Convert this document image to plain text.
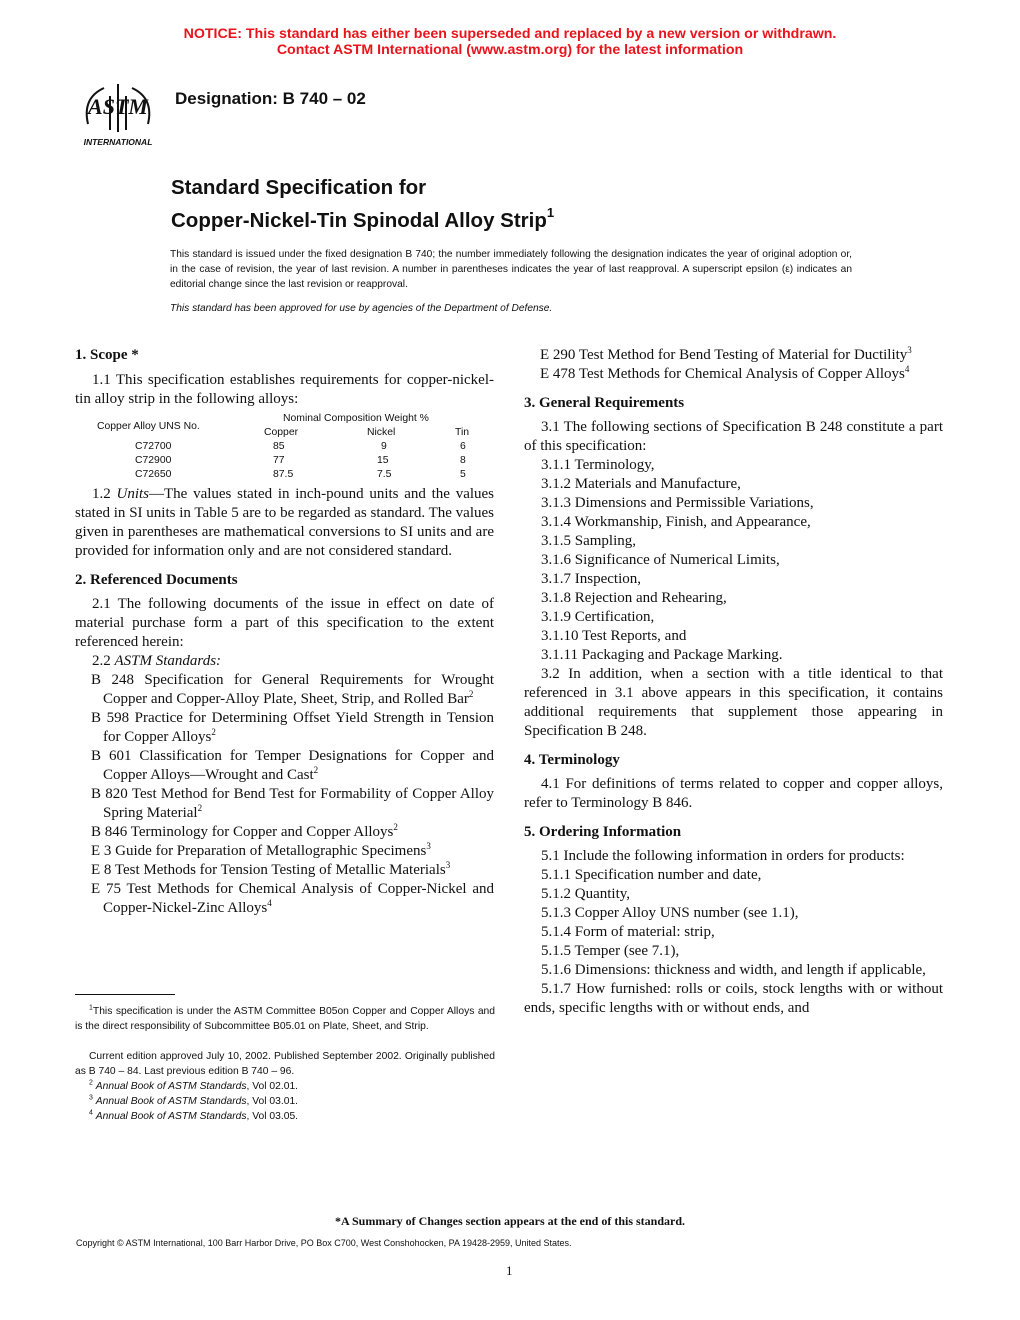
NOTICE: This standard has either been superseded and replaced by a new version or withdrawn.
Contact ASTM International (www.astm.org) for the latest information
ASTM
INTERNATIONAL
Designation: B 740 – 02
Standard Specification for
Copper-Nickel-Tin Spinodal Alloy Strip$^1$
This standard is issued under the fixed designation B 740; the number immediately following the designation indicates the year of original adoption or, in the case of revision, the year of last revision. A number in parentheses indicates the year of last reapproval. A superscript epsilon (ε) indicates an editorial change since the last revision or reapproval.
This standard has been approved for use by agencies of the Department of Defense.
1. Scope *

1.1 This specification establishes requirements for copper-nickel-tin alloy strip in the following alloys:

Copper Alloy UNS No.
Nominal Composition Weight %
Copper	Nickel	Tin
C72700	85	9	6
C72900	77	15	8
C72650	87.5	7.5	5

1.2 Units—The values stated in inch-pound units and the values stated in SI units in Table 5 are to be regarded as standard. The values given in parentheses are mathematical conversions to SI units and are provided for information only and are not considered standard.

2. Referenced Documents

2.1 The following documents of the issue in effect on date of material purchase form a part of this specification to the extent referenced herein:

2.2 ASTM Standards:

B 248 Specification for General Requirements for Wrought Copper and Copper-Alloy Plate, Sheet, Strip, and Rolled Bar$^2$

B 598 Practice for Determining Offset Yield Strength in Tension for Copper Alloys$^2$

B 601 Classification for Temper Designations for Copper and Copper Alloys—Wrought and Cast$^2$

B 820 Test Method for Bend Test for Formability of Copper Alloy Spring Material$^2$

B 846 Terminology for Copper and Copper Alloys$^2$

E 3 Guide for Preparation of Metallographic Specimens$^3$

E 8 Test Methods for Tension Testing of Metallic Materials$^3$

E 75 Test Methods for Chemical Analysis of Copper-Nickel and Copper-Nickel-Zinc Alloys$^4$

E 290 Test Method for Bend Testing of Material for Ductility$^3$

E 478 Test Methods for Chemical Analysis of Copper Alloys$^4$

3. General Requirements

3.1 The following sections of Specification B 248 constitute a part of this specification:

3.1.1 Terminology,

3.1.2 Materials and Manufacture,

3.1.3 Dimensions and Permissible Variations,

3.1.4 Workmanship, Finish, and Appearance,

3.1.5 Sampling,

3.1.6 Significance of Numerical Limits,

3.1.7 Inspection,

3.1.8 Rejection and Rehearing,

3.1.9 Certification,

3.1.10 Test Reports, and

3.1.11 Packaging and Package Marking.

3.2 In addition, when a section with a title identical to that referenced in 3.1 above appears in this specification, it contains additional requirements that supplement those appearing in Specification B 248.

4. Terminology

4.1 For definitions of terms related to copper and copper alloys, refer to Terminology B 846.

5. Ordering Information

5.1 Include the following information in orders for products:

5.1.1 Specification number and date,

5.1.2 Quantity,

5.1.3 Copper Alloy UNS number (see 1.1),

5.1.4 Form of material: strip,

5.1.5 Temper (see 7.1),

5.1.6 Dimensions: thickness and width, and length if applicable,

5.1.7 How furnished: rolls or coils, stock lengths with or without ends, specific lengths with or without ends, and

$^1$This specification is under the ASTM Committee B05on Copper and Copper Alloys and is the direct responsibility of Subcommittee B05.01 on Plate, Sheet, and Strip.
Current edition approved July 10, 2002. Published September 2002. Originally published as B 740 – 84. Last previous edition B 740 – 96.
$^2$ Annual Book of ASTM Standards, Vol 02.01.
$^3$ Annual Book of ASTM Standards, Vol 03.01.
$^4$ Annual Book of ASTM Standards, Vol 03.05.
*A Summary of Changes section appears at the end of this standard.
Copyright © ASTM International, 100 Barr Harbor Drive, PO Box C700, West Conshohocken, PA 19428-2959, United States.
1
